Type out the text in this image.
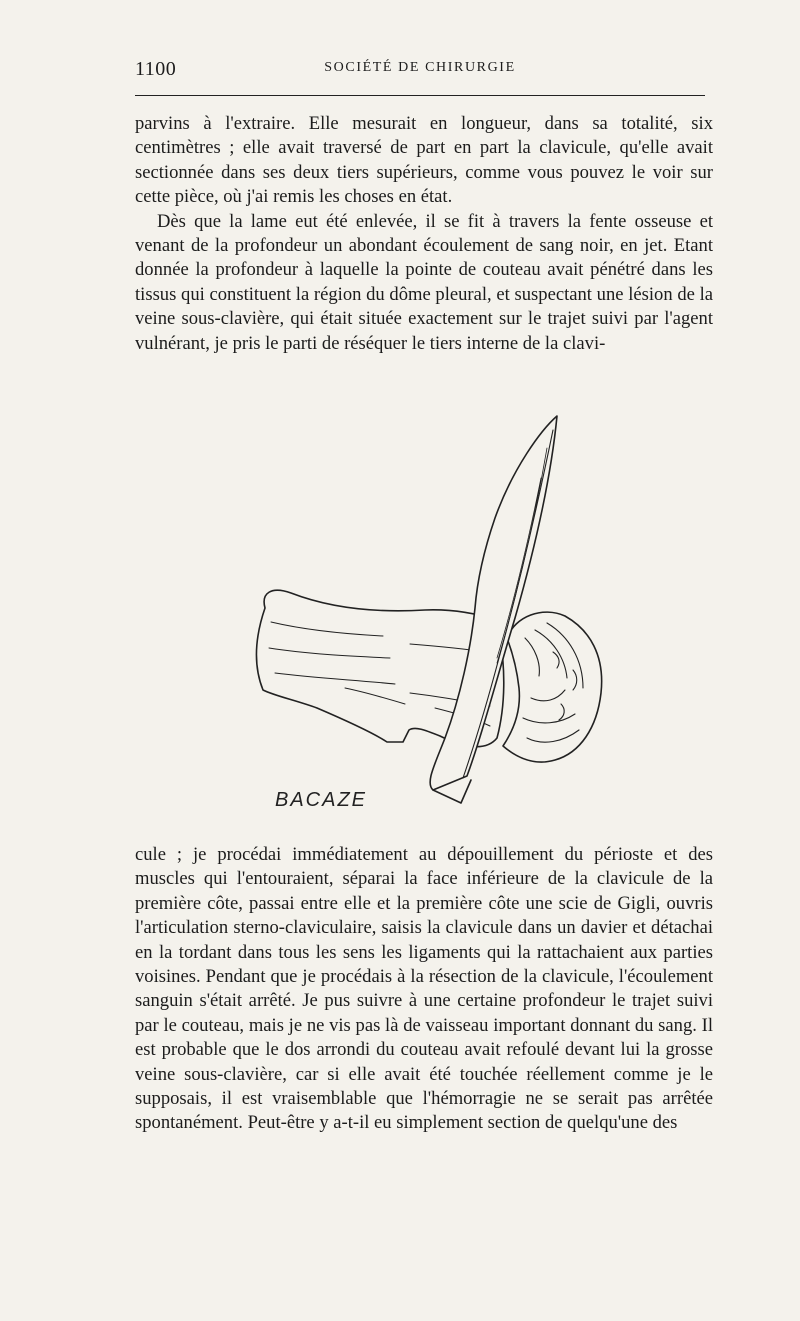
1100	SOCIÉTÉ DE CHIRURGIE

parvins à l'extraire. Elle mesurait en longueur, dans sa totalité, six centimètres ; elle avait traversé de part en part la clavicule, qu'elle avait sectionnée dans ses deux tiers supérieurs, comme vous pouvez le voir sur cette pièce, où j'ai remis les choses en état.

Dès que la lame eut été enlevée, il se fit à travers la fente osseuse et venant de la profondeur un abondant écoulement de sang noir, en jet. Etant donnée la profondeur à laquelle la pointe de couteau avait pénétré dans les tissus qui constituent la région du dôme pleural, et suspectant une lésion de la veine sous-clavière, qui était située exactement sur le trajet suivi par l'agent vulnérant, je pris le parti de réséquer le tiers interne de la clavi-

BACAZE

cule ; je procédai immédiatement au dépouillement du périoste et des muscles qui l'entouraient, séparai la face inférieure de la clavicule de la première côte, passai entre elle et la première côte une scie de Gigli, ouvris l'articulation sterno-claviculaire, saisis la clavicule dans un davier et détachai en la tordant dans tous les sens les ligaments qui la rattachaient aux parties voisines. Pendant que je procédais à la résection de la clavicule, l'écoulement sanguin s'était arrêté. Je pus suivre à une certaine profondeur le trajet suivi par le couteau, mais je ne vis pas là de vaisseau important donnant du sang. Il est probable que le dos arrondi du couteau avait refoulé devant lui la grosse veine sous-clavière, car si elle avait été touchée réellement comme je le supposais, il est vraisemblable que l'hémorragie ne se serait pas arrêtée spontanément. Peut-être y a-t-il eu simplement section de quelqu'une des
